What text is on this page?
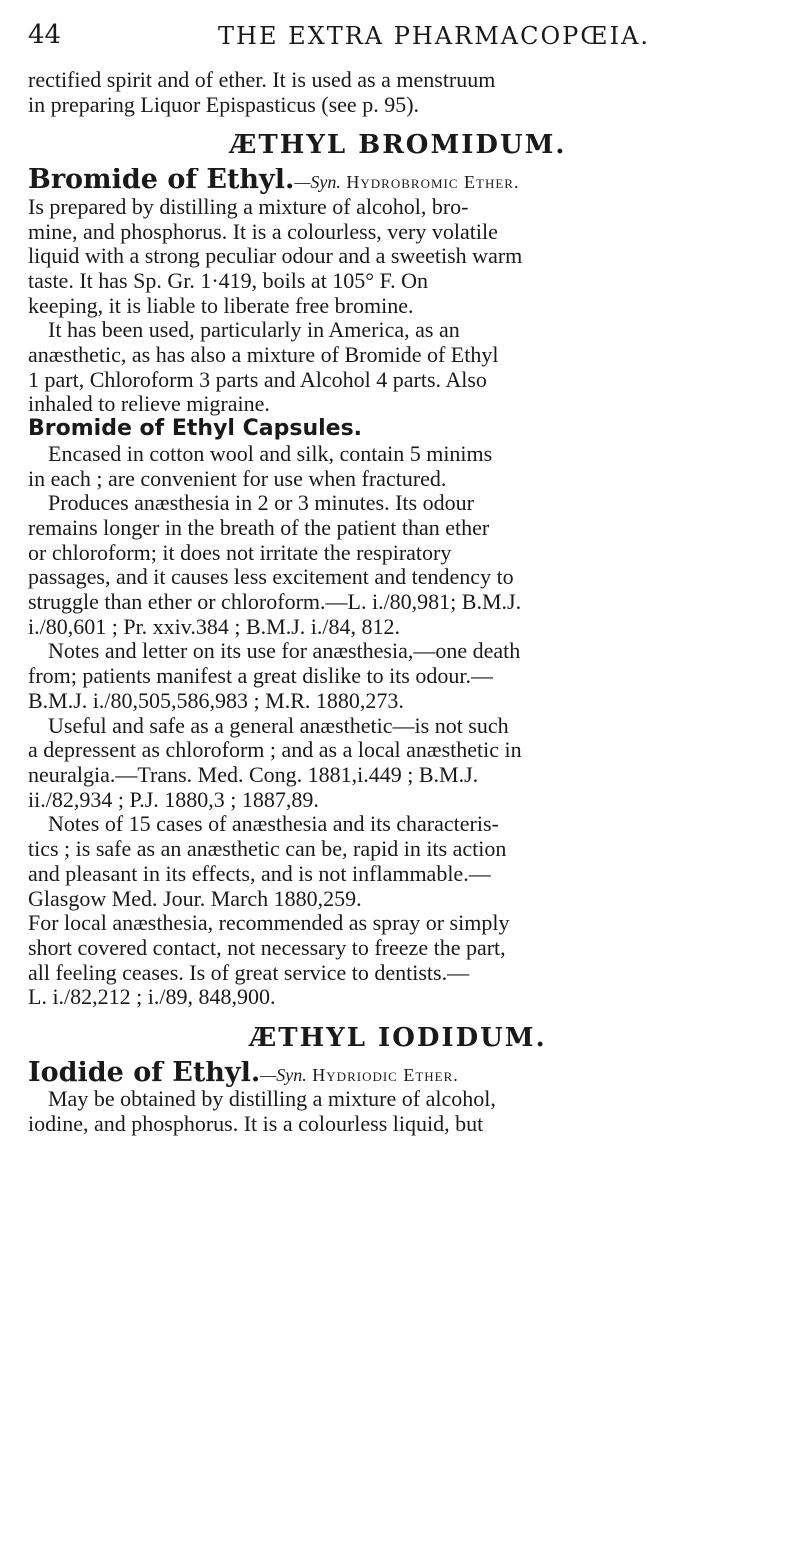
44	THE EXTRA PHARMACOPŒIA.
rectified spirit and of ether. It is used as a menstruum
in preparing Liquor Epispasticus (see p. 95).
ÆTHYL BROMIDUM.
Bromide of Ethyl.—Syn. Hydrobromic Ether.
Is prepared by distilling a mixture of alcohol, bro-
mine, and phosphorus. It is a colourless, very volatile
liquid with a strong peculiar odour and a sweetish warm
taste. It has Sp. Gr. 1·419, boils at 105° F. On
keeping, it is liable to liberate free bromine.
It has been used, particularly in America, as an
anæsthetic, as has also a mixture of Bromide of Ethyl
1 part, Chloroform 3 parts and Alcohol 4 parts. Also
inhaled to relieve migraine.
Bromide of Ethyl Capsules.
Encased in cotton wool and silk, contain 5 minims
in each ; are convenient for use when fractured.
Produces anæsthesia in 2 or 3 minutes. Its odour
remains longer in the breath of the patient than ether
or chloroform; it does not irritate the respiratory
passages, and it causes less excitement and tendency to
struggle than ether or chloroform.—L. i./80,981; B.M.J.
i./80,601 ; Pr. xxiv.384 ; B.M.J. i./84, 812.
Notes and letter on its use for anæsthesia,—one death
from; patients manifest a great dislike to its odour.—
B.M.J. i./80,505,586,983 ; M.R. 1880,273.
Useful and safe as a general anæsthetic—is not such
a depressent as chloroform ; and as a local anæsthetic in
neuralgia.—Trans. Med. Cong. 1881,i.449 ; B.M.J.
ii./82,934 ; P.J. 1880,3 ; 1887,89.
Notes of 15 cases of anæsthesia and its characteris-
tics ; is safe as an anæsthetic can be, rapid in its action
and pleasant in its effects, and is not inflammable.—
Glasgow Med. Jour. March 1880,259.
For local anæsthesia, recommended as spray or simply
short covered contact, not necessary to freeze the part,
all feeling ceases. Is of great service to dentists.—
L. i./82,212 ; i./89, 848,900.
ÆTHYL IODIDUM.
Iodide of Ethyl.—Syn. Hydriodic Ether.
May be obtained by distilling a mixture of alcohol,
iodine, and phosphorus. It is a colourless liquid, but
